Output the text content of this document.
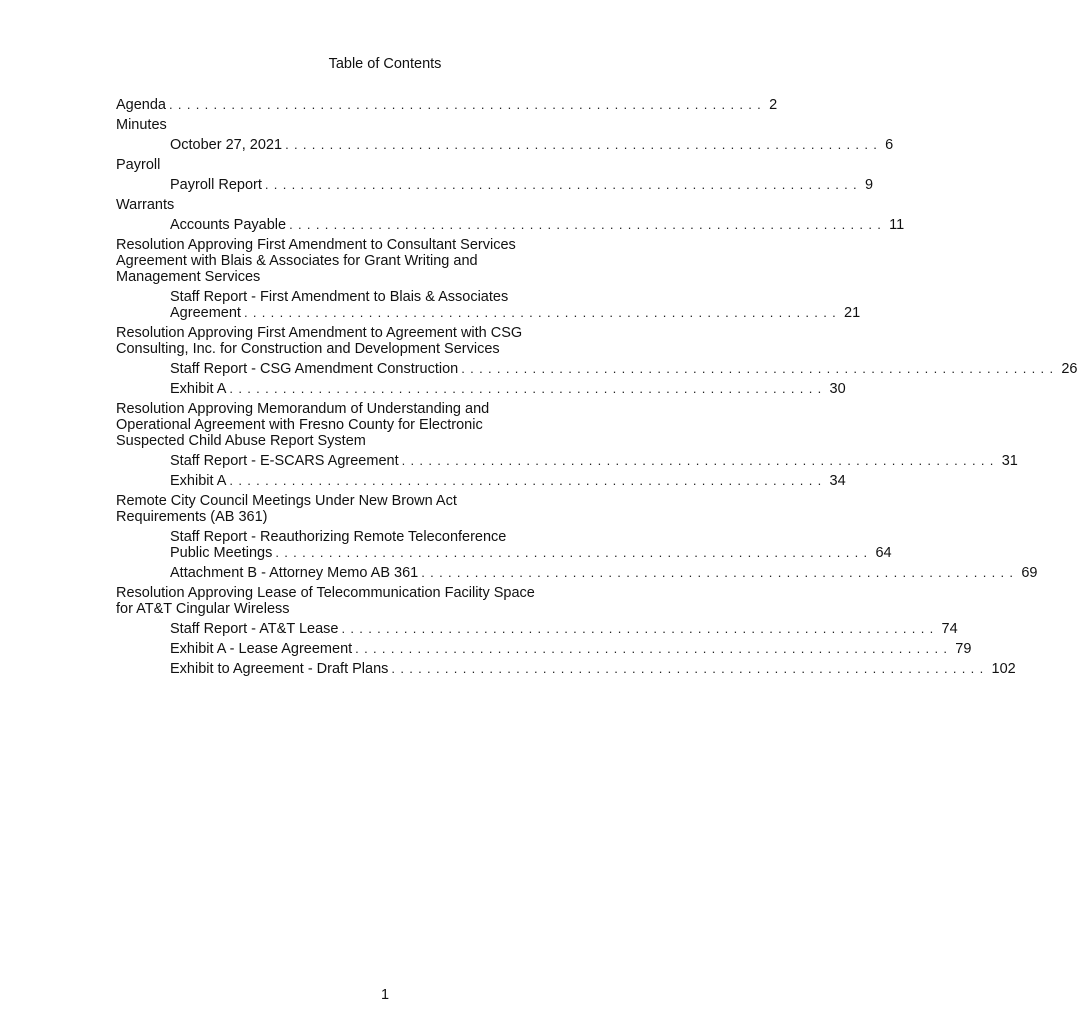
Table of Contents
Agenda ................................................................... 2
Minutes
October 27, 2021 ................................................................... 6
Payroll
Payroll Report ................................................................... 9
Warrants
Accounts Payable ................................................................... 11
Resolution Approving First Amendment to Consultant Services Agreement with Blais & Associates for Grant Writing and Management Services
Staff Report - First Amendment to Blais & Associates
Agreement ................................................................... 21
Resolution Approving First Amendment to Agreement with CSG Consulting, Inc. for Construction and Development Services
Staff Report - CSG Amendment Construction ................................................................... 26
Exhibit A ................................................................... 30
Resolution Approving Memorandum of Understanding and Operational Agreement with Fresno County for Electronic Suspected Child Abuse Report System
Staff Report - E-SCARS Agreement ................................................................... 31
Exhibit A ................................................................... 34
Remote City Council Meetings Under New Brown Act Requirements (AB 361)
Staff Report - Reauthorizing Remote Teleconference
Public Meetings ................................................................... 64
Attachment B - Attorney Memo AB 361 ................................................................... 69
Resolution Approving Lease of Telecommunication Facility Space for AT&T Cingular Wireless
Staff Report - AT&T Lease ................................................................... 74
Exhibit A - Lease Agreement ................................................................... 79
Exhibit to Agreement - Draft Plans ................................................................... 102
1
